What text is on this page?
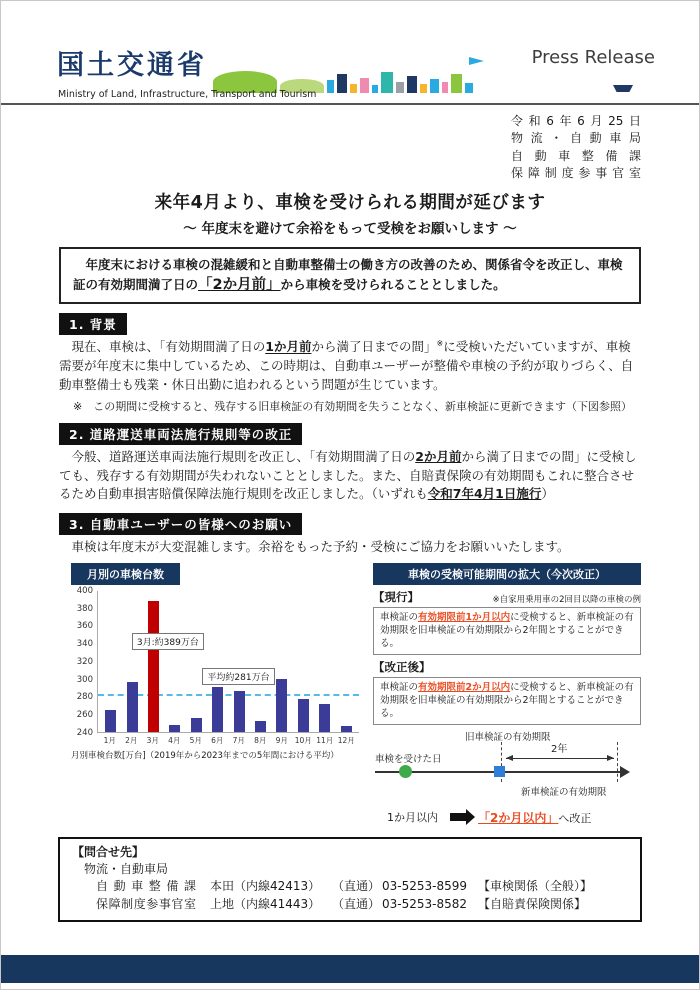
国土交通省
Ministry of Land, Infrastructure, Transport and Tourism
Press Release
令和6年6月25日
物流・自動車局
自動車整備課
保障制度参事官室
来年4月より、車検を受けられる期間が延びます
～ 年度末を避けて余裕をもって受検をお願いします ～
年度末における車検の混雑緩和と自動車整備士の働き方の改善のため、関係省令を改正し、車検証の有効期間満了日の「2か月前」から車検を受けられることとしました。
1. 背景

現在、車検は、「有効期間満了日の1か月前から満了日までの間」※に受検いただいていますが、車検需要が年度末に集中しているため、この時期は、自動車ユーザーが整備や車検の予約が取りづらく、自動車整備士も残業・休日出勤に追われるという問題が生じています。

※　この期間に受検すると、残存する旧車検証の有効期間を失うことなく、新車検証に更新できます（下図参照）
2. 道路運送車両法施行規則等の改正

今般、道路運送車両法施行規則を改正し、「有効期間満了日の2か月前から満了日までの間」に受検しても、残存する有効期間が失われないこととしました。また、自賠責保険の有効期間もこれに整合させるため自動車損害賠償保障法施行規則を改正しました。（いずれも令和7年4月1日施行）

3. 自動車ユーザーの皆様へのお願い

車検は年度末が大変混雑します。余裕をもった予約・受検にご協力をお願いいたします。

月別の車検台数
400
380
360
340
320
300
280
260
240
3月:約389万台
平均約281万台
1月	2月	3月	4月	5月	6月	7月	8月	9月 10月 11月 12月
月別車検台数[万台]（2019年から2023年までの5年間における平均）
車検の受検可能期間の拡大（今次改正）
【現行】	※自家用乗用車の2回目以降の車検の例
車検証の有効期限前1か月以内に受検すると、新車検証の有効期限を旧車検証の有効期限から2年間とすることができる。
【改正後】
車検証の有効期限前2か月以内に受検すると、新車検証の有効期限を旧車検証の有効期限から2年間とすることができる。
旧車検証の有効期限
車検を受けた日
2年
新車検証の有効期限
1か月以内	「2か月以内」へ改正
【問合せ先】
物流・自動車局
自動車整備課 本田（内線42413） （直通） 03-5253-8599 【車検関係（全般）】
保障制度参事官室 上地（内線41443） （直通） 03-5253-8582 【自賠責保険関係】
